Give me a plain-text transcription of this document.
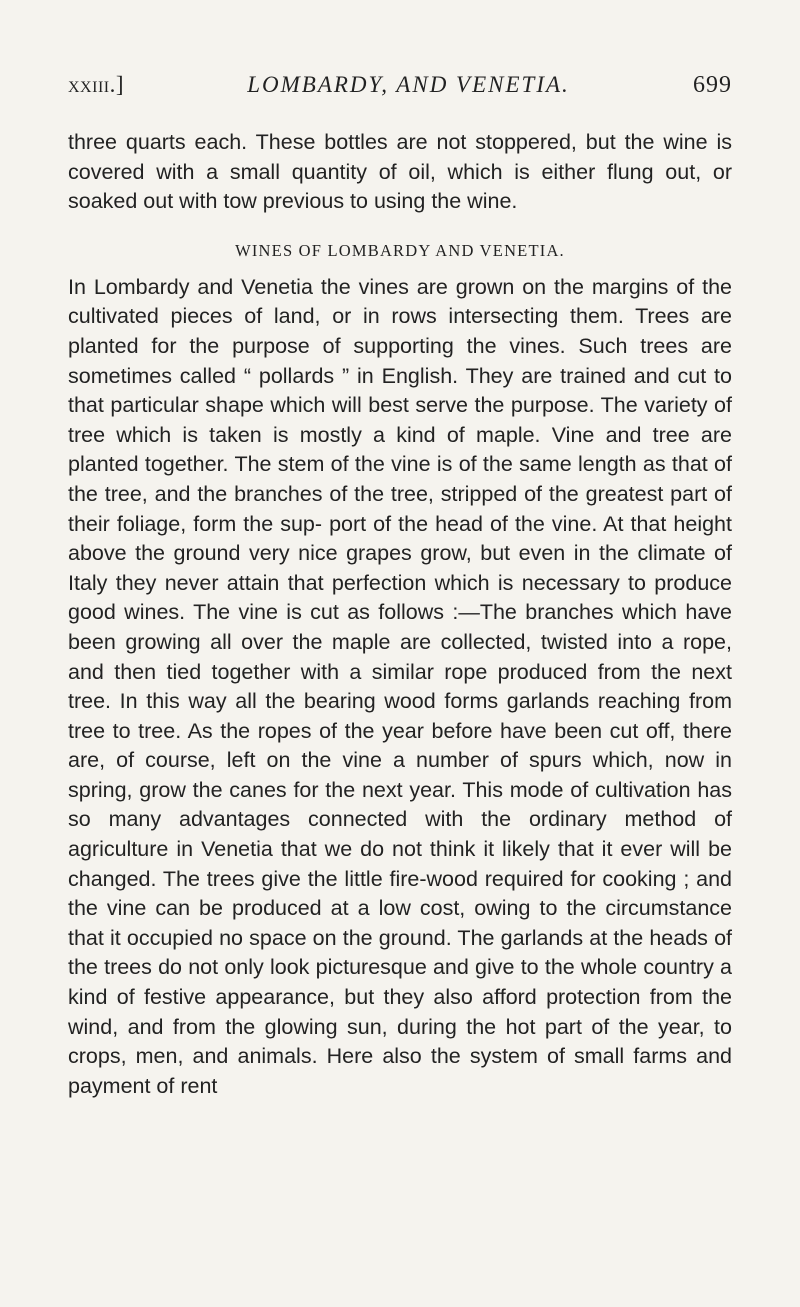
xxiii.]	LOMBARDY, AND VENETIA.	699

three quarts each. These bottles are not stoppered, but the wine is covered with a small quantity of oil, which is either flung out, or soaked out with tow previous to using the wine.

WINES OF LOMBARDY AND VENETIA.

In Lombardy and Venetia the vines are grown on the margins of the cultivated pieces of land, or in rows intersecting them. Trees are planted for the purpose of supporting the vines. Such trees are sometimes called “ pollards ” in English. They are trained and cut to that particular shape which will best serve the purpose. The variety of tree which is taken is mostly a kind of maple. Vine and tree are planted together. The stem of the vine is of the same length as that of the tree, and the branches of the tree, stripped of the greatest part of their foliage, form the sup- port of the head of the vine. At that height above the ground very nice grapes grow, but even in the climate of Italy they never attain that perfection which is necessary to produce good wines. The vine is cut as follows :—The branches which have been growing all over the maple are collected, twisted into a rope, and then tied together with a similar rope produced from the next tree. In this way all the bearing wood forms garlands reaching from tree to tree. As the ropes of the year before have been cut off, there are, of course, left on the vine a number of spurs which, now in spring, grow the canes for the next year. This mode of cultivation has so many advantages connected with the ordinary method of agriculture in Venetia that we do not think it likely that it ever will be changed. The trees give the little fire-wood required for cooking ; and the vine can be produced at a low cost, owing to the circumstance that it occupied no space on the ground. The garlands at the heads of the trees do not only look picturesque and give to the whole country a kind of festive appearance, but they also afford protection from the wind, and from the glowing sun, during the hot part of the year, to crops, men, and animals. Here also the system of small farms and payment of rent
